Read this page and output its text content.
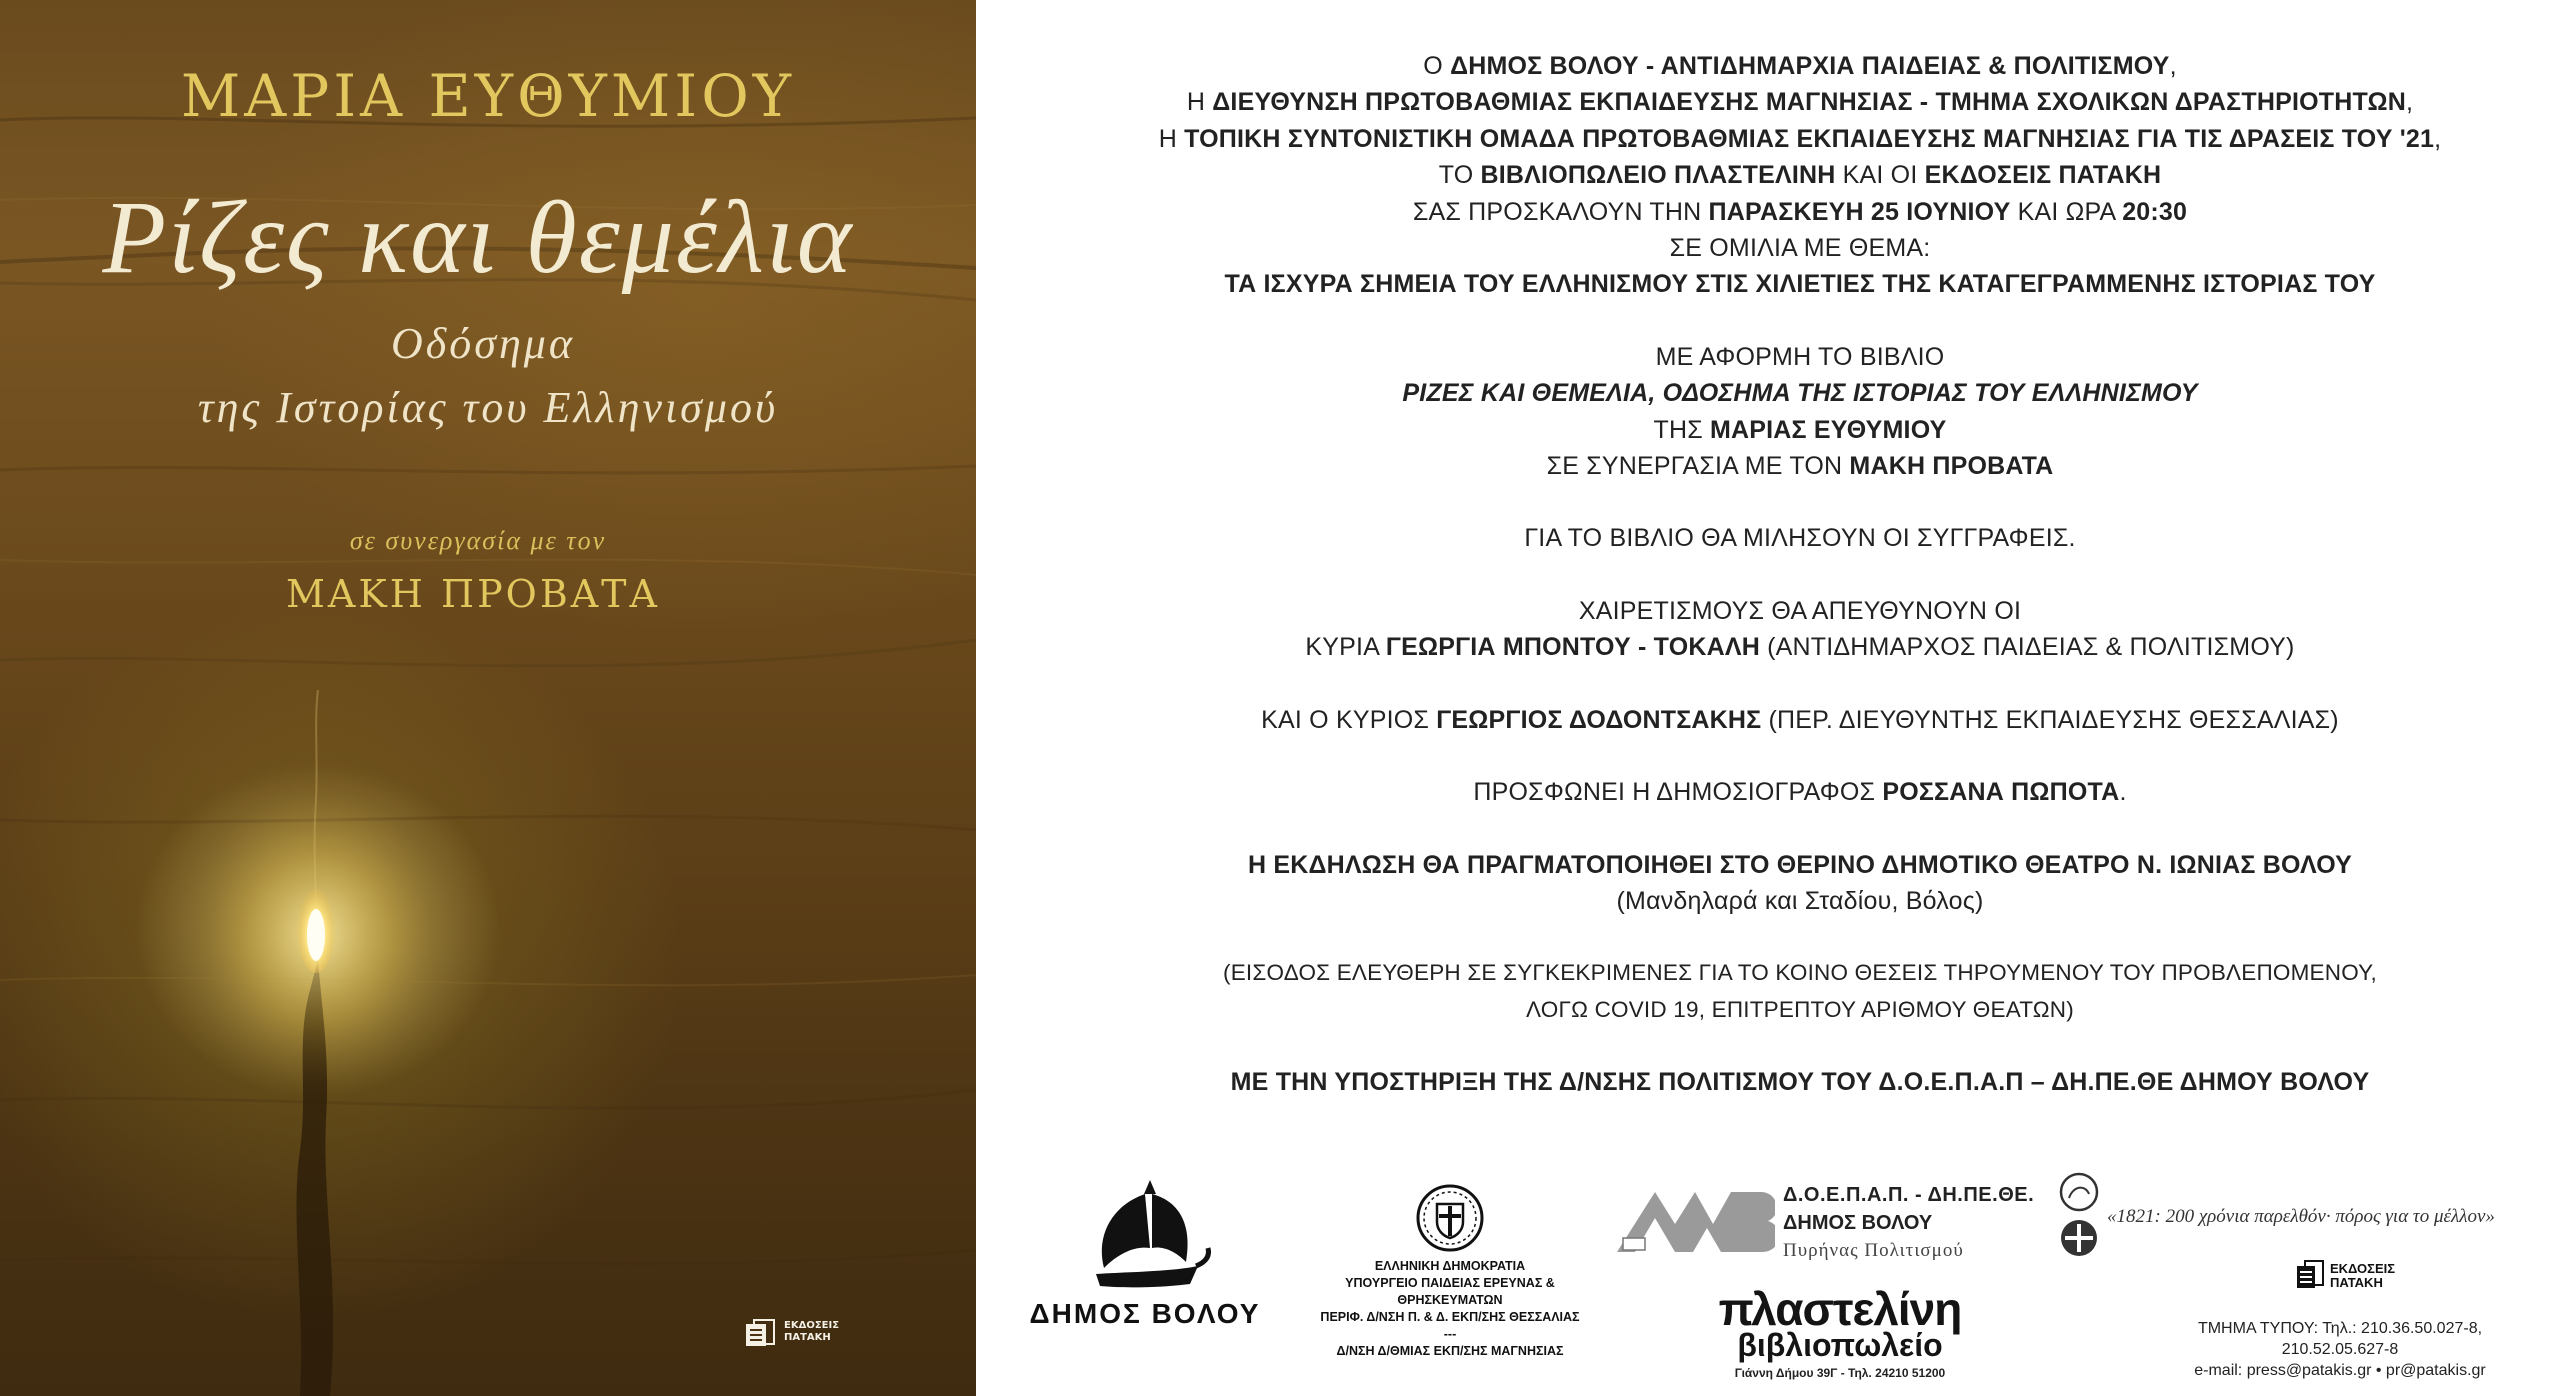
ΜΑΡΙΑ ΕΥΘΥΜΙΟΥ
Ρίζες και θεμέλια
Οδόσημα
της Ιστορίας του Ελληνισμού
σε συνεργασία με τον
ΜΑΚΗ ΠΡΟΒΑΤΑ
ΕΚΔΟΣΕΙΣ ΠΑΤΑΚΗ
Ο ΔΗΜΟΣ ΒΟΛΟΥ - ΑΝΤΙΔΗΜΑΡΧΙΑ ΠΑΙΔΕΙΑΣ & ΠΟΛΙΤΙΣΜΟΥ,
Η ΔΙΕΥΘΥΝΣΗ ΠΡΩΤΟΒΑΘΜΙΑΣ ΕΚΠΑΙΔΕΥΣΗΣ ΜΑΓΝΗΣΙΑΣ - ΤΜΗΜΑ ΣΧΟΛΙΚΩΝ ΔΡΑΣΤΗΡΙΟΤΗΤΩΝ,
Η ΤΟΠΙΚΗ ΣΥΝΤΟΝΙΣΤΙΚΗ ΟΜΑΔΑ ΠΡΩΤΟΒΑΘΜΙΑΣ ΕΚΠΑΙΔΕΥΣΗΣ ΜΑΓΝΗΣΙΑΣ ΓΙΑ ΤΙΣ ΔΡΑΣΕΙΣ ΤΟΥ '21,
ΤΟ ΒΙΒΛΙΟΠΩΛΕΙΟ ΠΛΑΣΤΕΛΙΝΗ ΚΑΙ ΟΙ ΕΚΔΟΣΕΙΣ ΠΑΤΑΚΗ
ΣΑΣ ΠΡΟΣΚΑΛΟΥΝ ΤΗΝ ΠΑΡΑΣΚΕΥΗ 25 ΙΟΥΝΙΟΥ ΚΑΙ ΩΡΑ 20:30
ΣΕ ΟΜΙΛΙΑ ΜΕ ΘΕΜΑ:
ΤΑ ΙΣΧΥΡΑ ΣΗΜΕΙΑ ΤΟΥ ΕΛΛΗΝΙΣΜΟΥ ΣΤΙΣ ΧΙΛΙΕΤΙΕΣ ΤΗΣ ΚΑΤΑΓΕΓΡΑΜΜΕΝΗΣ ΙΣΤΟΡΙΑΣ ΤΟΥ
ΜΕ ΑΦΟΡΜΗ ΤΟ ΒΙΒΛΙΟ
ΡΙΖΕΣ ΚΑΙ ΘΕΜΕΛΙΑ, ΟΔΟΣΗΜΑ ΤΗΣ ΙΣΤΟΡΙΑΣ ΤΟΥ ΕΛΛΗΝΙΣΜΟΥ
ΤΗΣ ΜΑΡΙΑΣ ΕΥΘΥΜΙΟΥ
ΣΕ ΣΥΝΕΡΓΑΣΙΑ ΜΕ ΤΟΝ ΜΑΚΗ ΠΡΟΒΑΤΑ
ΓΙΑ ΤΟ ΒΙΒΛΙΟ ΘΑ ΜΙΛΗΣΟΥΝ ΟΙ ΣΥΓΓΡΑΦΕΙΣ.
ΧΑΙΡΕΤΙΣΜΟΥΣ ΘΑ ΑΠΕΥΘΥΝΟΥΝ ΟΙ
ΚΥΡΙΑ ΓΕΩΡΓΙΑ ΜΠΟΝΤΟΥ - ΤΟΚΑΛΗ (ΑΝΤΙΔΗΜΑΡΧΟΣ ΠΑΙΔΕΙΑΣ & ΠΟΛΙΤΙΣΜΟΥ)
ΚΑΙ Ο ΚΥΡΙΟΣ ΓΕΩΡΓΙΟΣ ΔΟΔΟΝΤΣΑΚΗΣ (ΠΕΡ. ΔΙΕΥΘΥΝΤΗΣ ΕΚΠΑΙΔΕΥΣΗΣ ΘΕΣΣΑΛΙΑΣ)
ΠΡΟΣΦΩΝΕΙ Η ΔΗΜΟΣΙΟΓΡΑΦΟΣ ΡΟΣΣΑΝΑ ΠΩΠΟΤΑ.
Η ΕΚΔΗΛΩΣΗ ΘΑ ΠΡΑΓΜΑΤΟΠΟΙΗΘΕΙ ΣΤΟ ΘΕΡΙΝΟ ΔΗΜΟΤΙΚΟ ΘΕΑΤΡΟ Ν. ΙΩΝΙΑΣ ΒΟΛΟΥ
(Μανδηλαρά και Σταδίου, Βόλος)
(ΕΙΣΟΔΟΣ ΕΛΕΥΘΕΡΗ ΣΕ ΣΥΓΚΕΚΡΙΜΕΝΕΣ ΓΙΑ ΤΟ ΚΟΙΝΟ ΘΕΣΕΙΣ ΤΗΡΟΥΜΕΝΟΥ ΤΟΥ ΠΡΟΒΛΕΠΟΜΕΝΟΥ,
ΛΟΓΩ COVID 19, ΕΠΙΤΡΕΠΤΟΥ ΑΡΙΘΜΟΥ ΘΕΑΤΩΝ)
ΜΕ ΤΗΝ ΥΠΟΣΤΗΡΙΞΗ ΤΗΣ Δ/ΝΣΗΣ ΠΟΛΙΤΙΣΜΟΥ ΤΟΥ Δ.Ο.Ε.Π.Α.Π – ΔΗ.ΠΕ.ΘΕ ΔΗΜΟΥ ΒΟΛΟΥ
ΔΗΜΟΣ ΒΟΛΟΥ
ΕΛΛΗΝΙΚΗ ΔΗΜΟΚΡΑΤΙΑ
ΥΠΟΥΡΓΕΙΟ ΠΑΙΔΕΙΑΣ ΕΡΕΥΝΑΣ &
ΘΡΗΣΚΕΥΜΑΤΩΝ
ΠΕΡΙΦ. Δ/ΝΣΗ Π. & Δ. ΕΚΠ/ΣΗΣ ΘΕΣΣΑΛΙΑΣ
---
Δ/ΝΣΗ Δ/ΘΜΙΑΣ ΕΚΠ/ΣΗΣ ΜΑΓΝΗΣΙΑΣ
Δ.Ο.Ε.Π.Α.Π. - ΔΗ.ΠΕ.ΘΕ.
ΔΗΜΟΣ ΒΟΛΟΥ
Πυρήνας Πολιτισμού
πλαστελίνη
βιβλιοπωλείο
Γιάννη Δήμου 39Γ - Τηλ. 24210 51200
«1821: 200 χρόνια παρελθόν· πόρος για το μέλλον»
ΕΚΔΟΣΕΙΣ
ΠΑΤΑΚΗ
ΤΜΗΜΑ ΤΥΠΟΥ: Τηλ.: 210.36.50.027-8,
210.52.05.627-8
e-mail: press@patakis.gr • pr@patakis.gr
